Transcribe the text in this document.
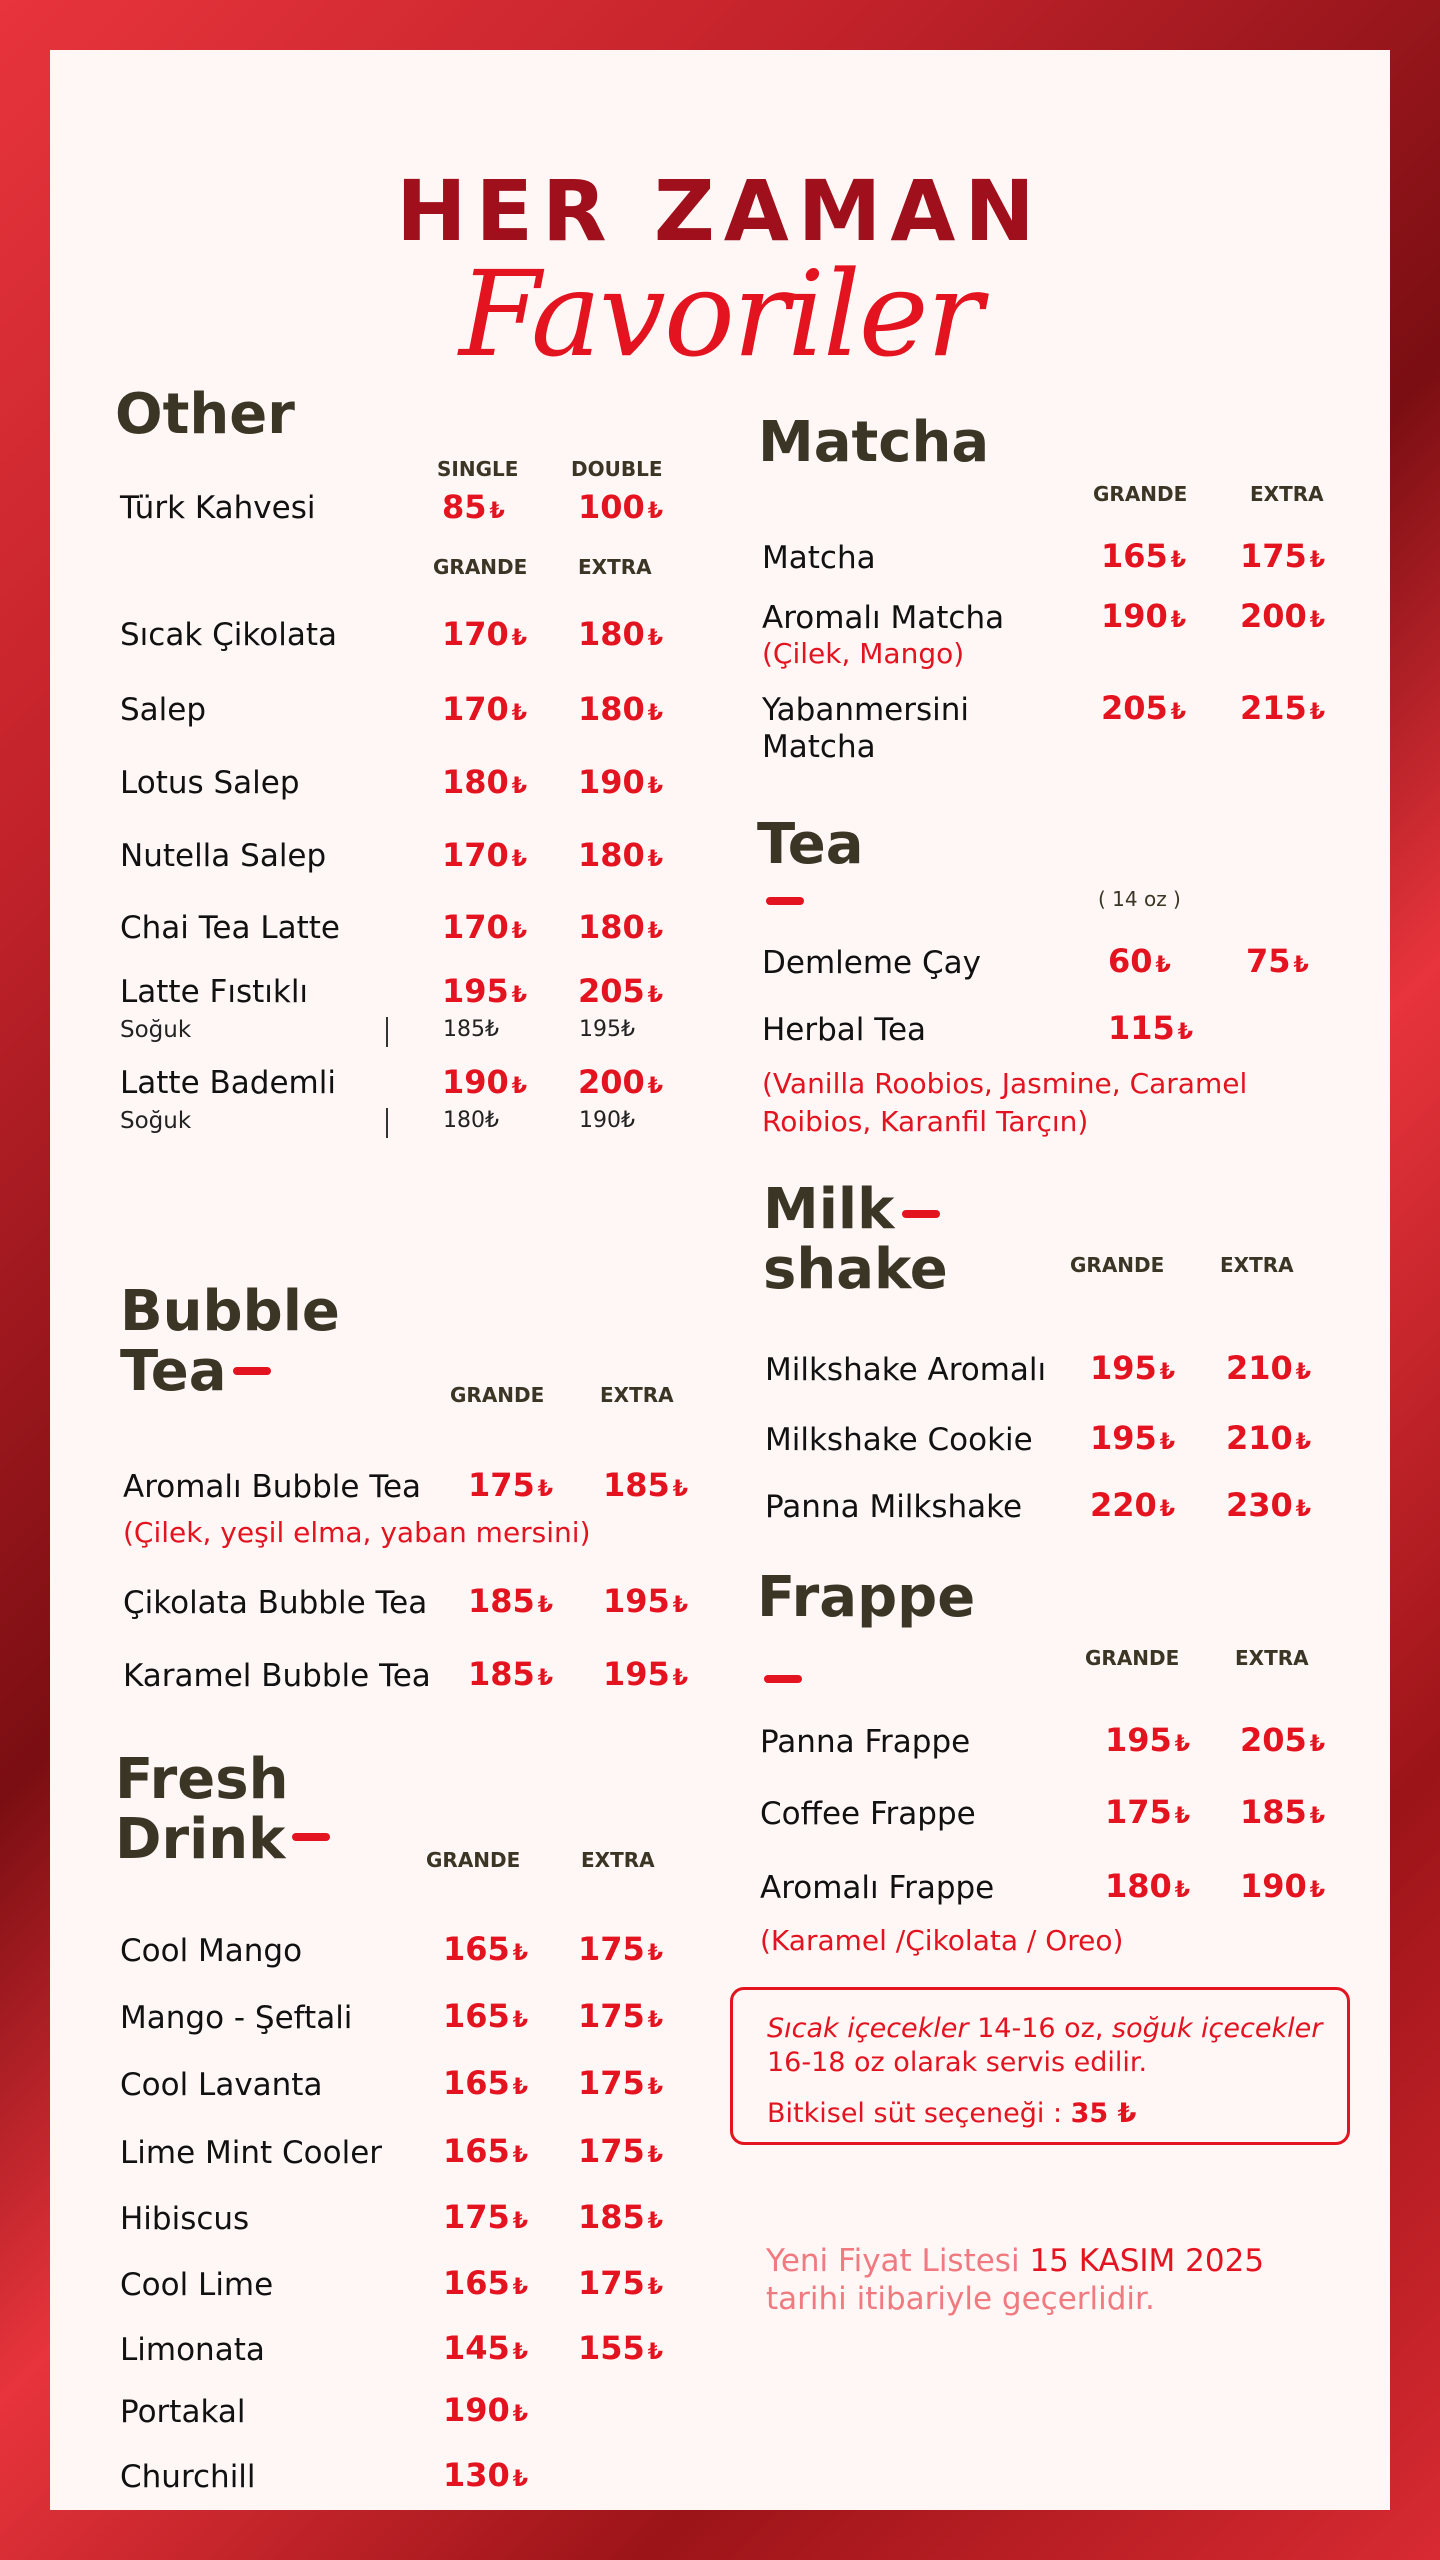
HER ZAMAN
Favoriler
Other
SINGLE	DOUBLE
GRANDE	EXTRA
Türk Kahvesi	85 ₺ 100 ₺
Sıcak Çikolata	170 ₺ 180 ₺
Salep	170 ₺ 180 ₺
Lotus Salep	180 ₺ 190 ₺
Nutella Salep	170 ₺ 180 ₺
Chai Tea Latte	170 ₺ 180 ₺
Latte Fıstıklı	195 ₺ 205 ₺
Soğuk	185₺	195₺
Latte Bademli	190 ₺ 200 ₺
Soğuk	180₺	190₺
Bubble
Tea	GRANDE	EXTRA
Aromalı Bubble Tea 175 ₺ 185 ₺
(Çilek, yeşil elma, yaban mersini)
Çikolata Bubble Tea 185 ₺ 195 ₺
Karamel Bubble Tea 185 ₺ 195 ₺
Fresh
Drink	GRANDE	EXTRA
Cool Mango	165 ₺ 175 ₺
Mango - Şeftali	165 ₺ 175 ₺
Cool Lavanta	165 ₺ 175 ₺
Lime Mint Cooler 165 ₺ 175 ₺
Hibiscus	175 ₺ 185 ₺
Cool Lime	165 ₺ 175 ₺
Limonata	145 ₺ 155 ₺
Portakal	190 ₺
Churchill	130 ₺
Matcha
GRANDE	EXTRA
Matcha	165 ₺ 175 ₺
Aromalı Matcha	190 ₺ 200 ₺
(Çilek, Mango)
Yabanmersini
Matcha
205 ₺ 215 ₺
Tea
( 14 oz )
Demleme Çay	60 ₺ 75 ₺
Herbal Tea	115 ₺
(Vanilla Roobios, Jasmine, Caramel
Roibios, Karanfil Tarçın)
Milk
shake	GRANDE	EXTRA
Milkshake Aromalı 195 ₺ 210 ₺
Milkshake Cookie 195 ₺ 210 ₺
Panna Milkshake 220 ₺ 230 ₺
Frappe
GRANDE	EXTRA
Panna Frappe	195 ₺ 205 ₺
Coffee Frappe	175 ₺ 185 ₺
Aromalı Frappe	180 ₺ 190 ₺
(Karamel /Çikolata / Oreo)
Sıcak içecekler 14-16 oz, soğuk içecekler
16-18 oz olarak servis edilir.
Bitkisel süt seçeneği : 35 ₺
Yeni Fiyat Listesi 15 KASIM 2025
tarihi itibariyle geçerlidir.
